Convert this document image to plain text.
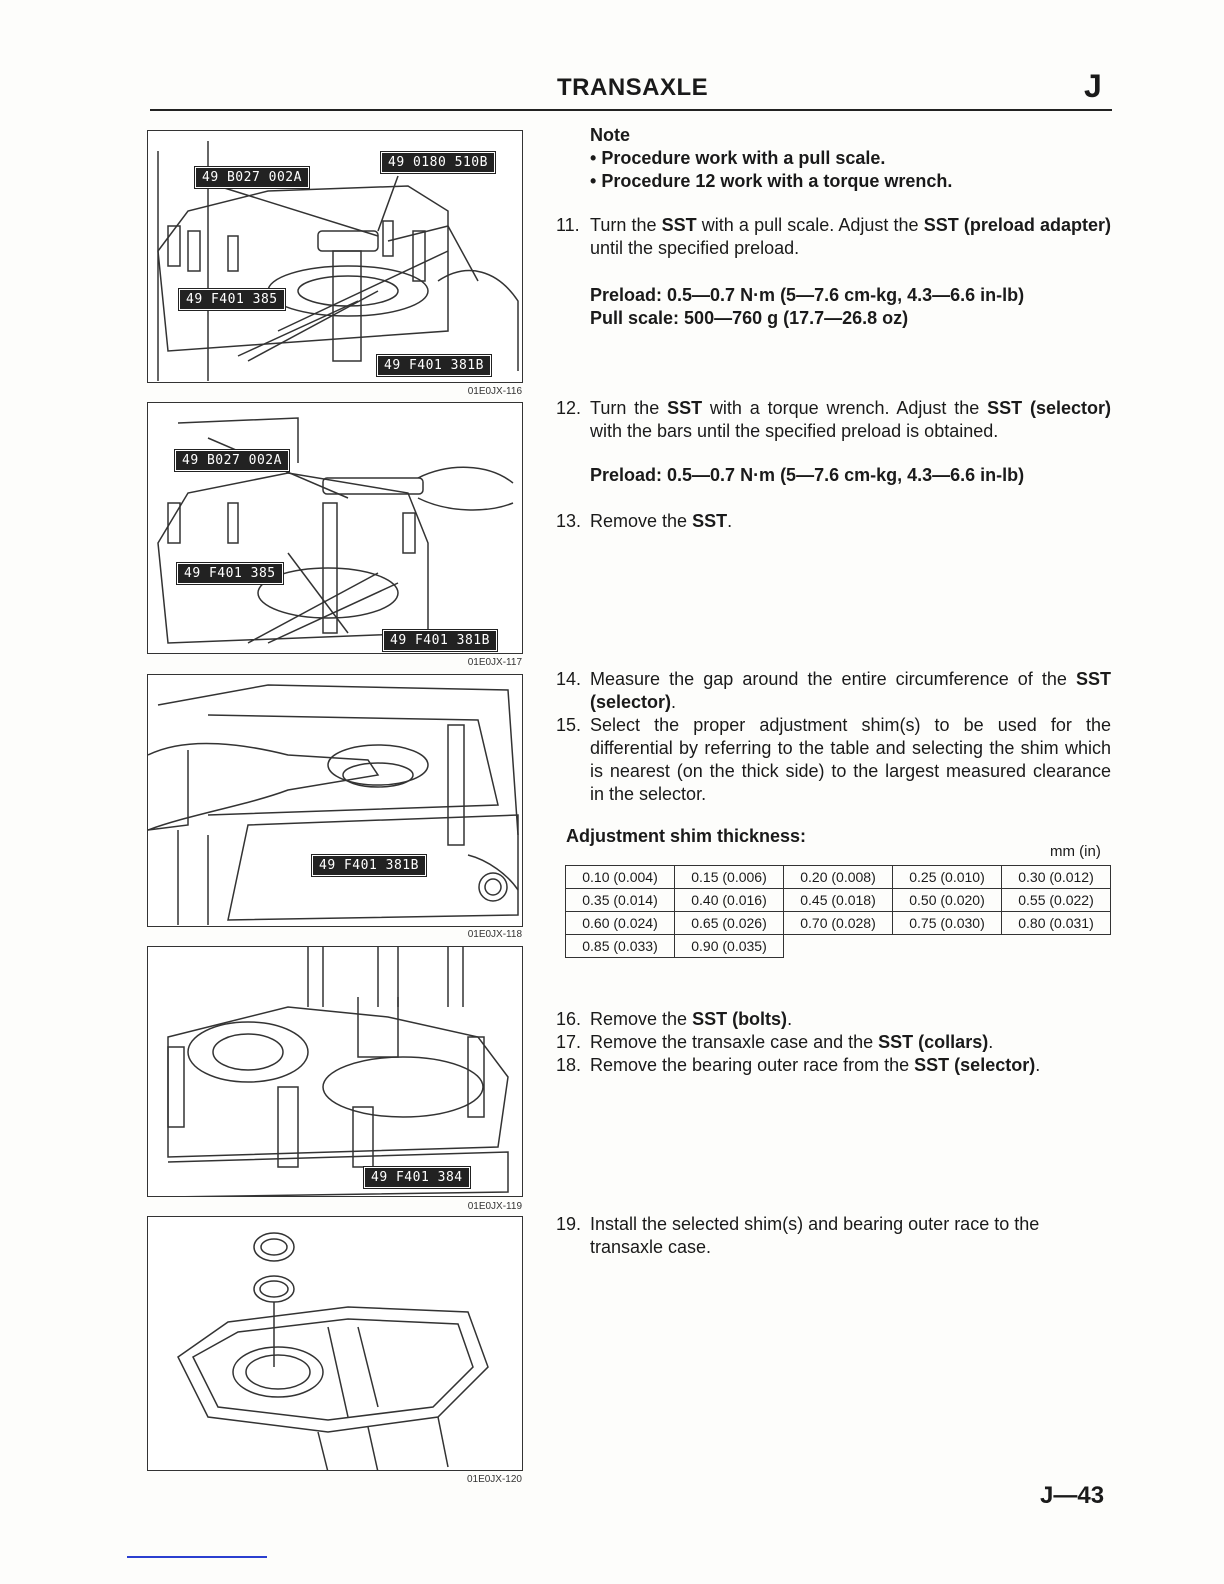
TRANSAXLE	J
49 B027 002A
49 0180 510B
49 F401 385
49 F401 381B
01E0JX-116
49 B027 002A
49 F401 385
49 F401 381B
01E0JX-117
49 F401 381B
01E0JX-118
49 F401 384
01E0JX-119
01E0JX-120
Note
• Procedure work with a pull scale.
• Procedure 12 work with a torque wrench.
11. Turn the SST with a pull scale. Adjust the SST (preload adapter) until the specified preload.
Preload: 0.5—0.7 N·m (5—7.6 cm-kg, 4.3—6.6 in-lb)
Pull scale: 500—760 g (17.7—26.8 oz)
12. Turn the SST with a torque wrench. Adjust the SST (selector) with the bars until the specified preload is obtained.
Preload: 0.5—0.7 N·m (5—7.6 cm-kg, 4.3—6.6 in-lb)
13. Remove the SST.
14. Measure the gap around the entire circumference of the SST (selector).
15. Select the proper adjustment shim(s) to be used for the differential by referring to the table and selecting the shim which is nearest (on the thick side) to the largest measured clearance in the selector.
Adjustment shim thickness:
mm (in)
0.10 (0.004)	0.15 (0.006)	0.20 (0.008)	0.25 (0.010)	0.30 (0.012)
0.35 (0.014)	0.40 (0.016)	0.45 (0.018)	0.50 (0.020)	0.55 (0.022)
0.60 (0.024)	0.65 (0.026)	0.70 (0.028)	0.75 (0.030)	0.80 (0.031)
0.85 (0.033)	0.90 (0.035)			
16. Remove the SST (bolts).
17. Remove the transaxle case and the SST (collars).
18. Remove the bearing outer race from the SST (selector).
19. Install the selected shim(s) and bearing outer race to the transaxle case.
J—43
